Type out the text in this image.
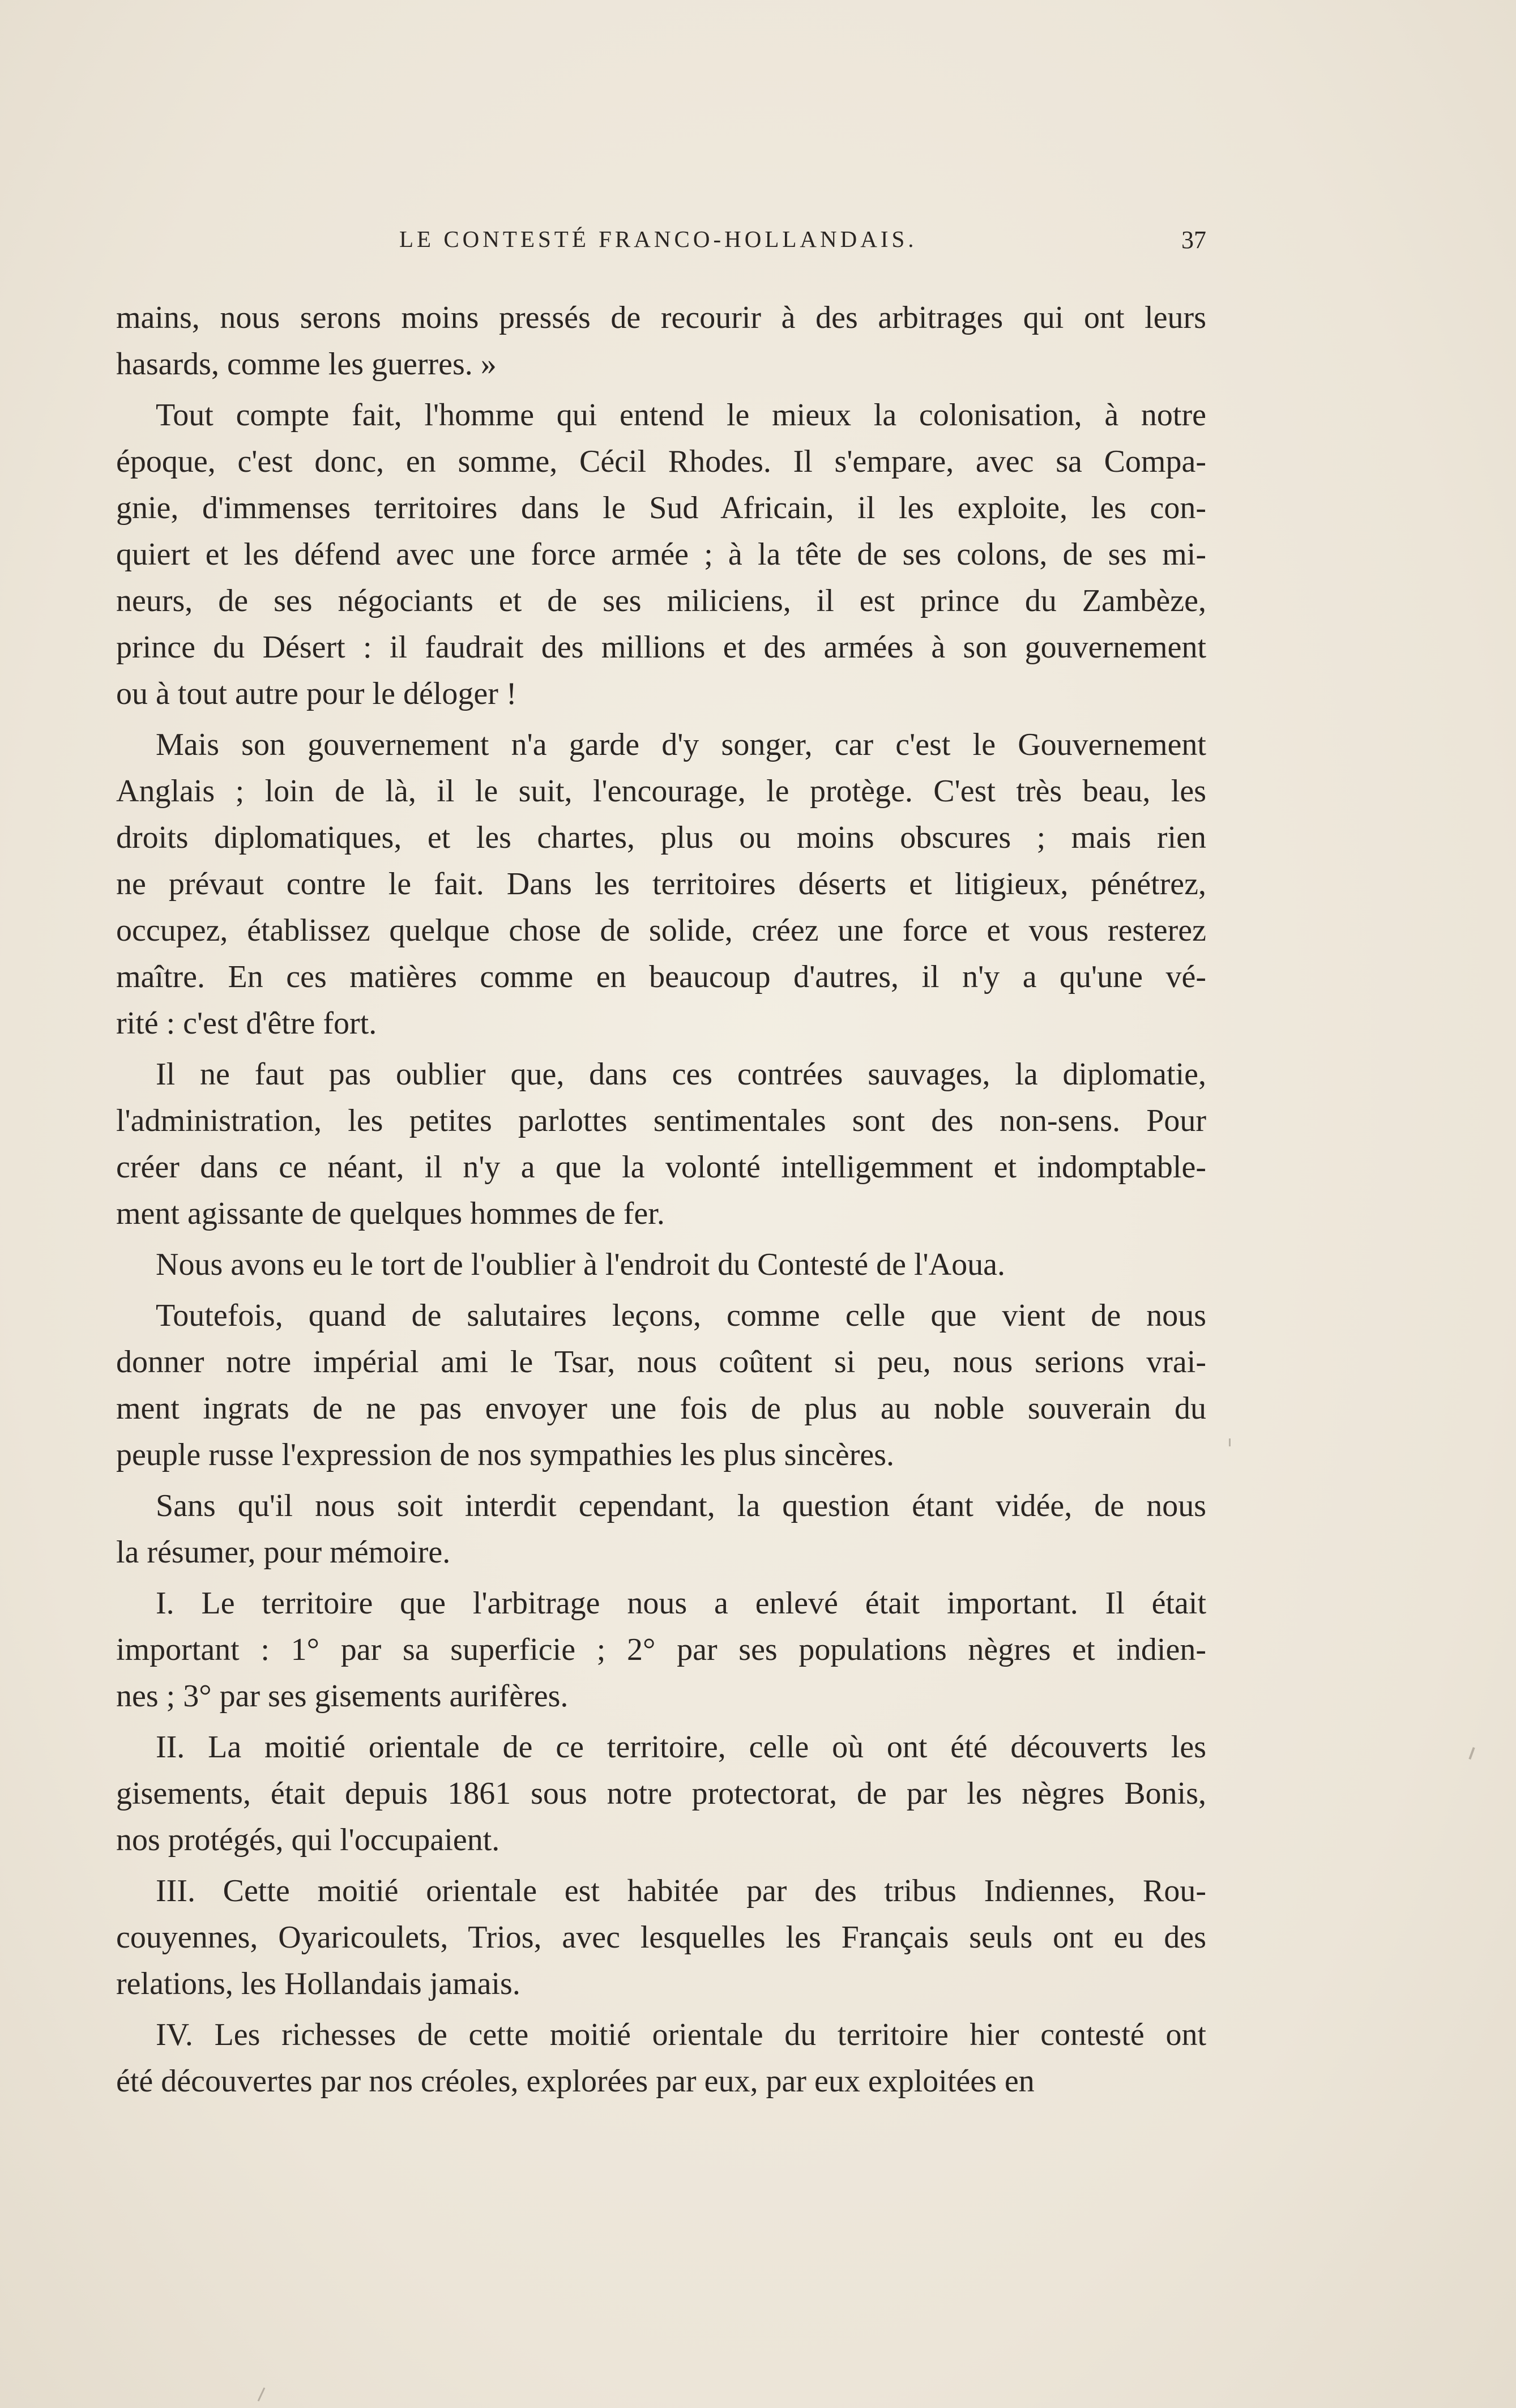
LE CONTESTÉ FRANCO-HOLLANDAIS.	37
mains, nous serons moins pressés de recourir à des arbitrages qui ont leurs
hasards, comme les guerres. »
Tout compte fait, l'homme qui entend le mieux la colonisation, à notre
époque, c'est donc, en somme, Cécil Rhodes. Il s'empare, avec sa Compa-
gnie, d'immenses territoires dans le Sud Africain, il les exploite, les con-
quiert et les défend avec une force armée ; à la tête de ses colons, de ses mi-
neurs, de ses négociants et de ses miliciens, il est prince du Zambèze,
prince du Désert : il faudrait des millions et des armées à son gouvernement
ou à tout autre pour le déloger !
Mais son gouvernement n'a garde d'y songer, car c'est le Gouvernement
Anglais ; loin de là, il le suit, l'encourage, le protège. C'est très beau, les
droits diplomatiques, et les chartes, plus ou moins obscures ; mais rien
ne prévaut contre le fait. Dans les territoires déserts et litigieux, pénétrez,
occupez, établissez quelque chose de solide, créez une force et vous resterez
maître. En ces matières comme en beaucoup d'autres, il n'y a qu'une vé-
rité : c'est d'être fort.
Il ne faut pas oublier que, dans ces contrées sauvages, la diplomatie,
l'administration, les petites parlottes sentimentales sont des non-sens. Pour
créer dans ce néant, il n'y a que la volonté intelligemment et indomptable-
ment agissante de quelques hommes de fer.
Nous avons eu le tort de l'oublier à l'endroit du Contesté de l'Aoua.
Toutefois, quand de salutaires leçons, comme celle que vient de nous
donner notre impérial ami le Tsar, nous coûtent si peu, nous serions vrai-
ment ingrats de ne pas envoyer une fois de plus au noble souverain du
peuple russe l'expression de nos sympathies les plus sincères.
Sans qu'il nous soit interdit cependant, la question étant vidée, de nous
la résumer, pour mémoire.
I. Le territoire que l'arbitrage nous a enlevé était important. Il était
important : 1° par sa superficie ; 2° par ses populations nègres et indien-
nes ; 3° par ses gisements aurifères.
II. La moitié orientale de ce territoire, celle où ont été découverts les
gisements, était depuis 1861 sous notre protectorat, de par les nègres Bonis,
nos protégés, qui l'occupaient.
III. Cette moitié orientale est habitée par des tribus Indiennes, Rou-
couyennes, Oyaricoulets, Trios, avec lesquelles les Français seuls ont eu des
relations, les Hollandais jamais.
IV. Les richesses de cette moitié orientale du territoire hier contesté ont
été découvertes par nos créoles, explorées par eux, par eux exploitées en
